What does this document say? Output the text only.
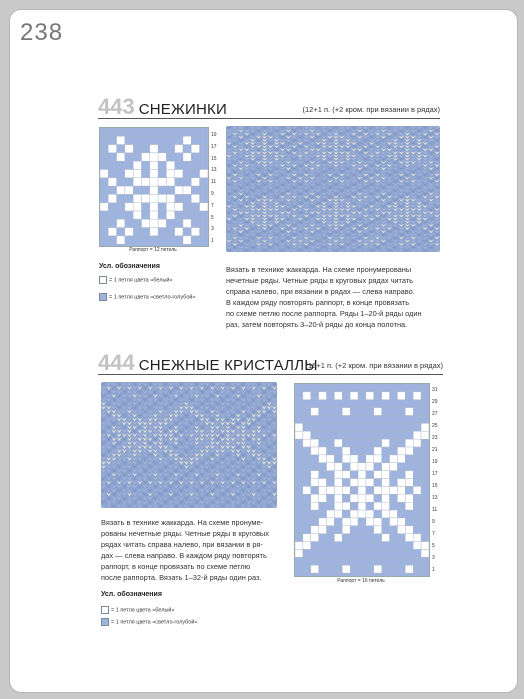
238
443 СНЕЖИНКИ	(12+1 п. (+2 кром. при вязании в рядах)
19
17
15
13
11
9
7
5
3
1
Раппорт = 12 петель
Усл. обозначения
= 1 петля цвета «белый»
= 1 петля цвета «светло-голубой»
Вязать в технике жаккарда. На схеме пронумерованы
нечетные ряды. Четные ряды в круговых рядах читать
справа налево, при вязании в рядах — слева направо.
В каждом ряду повторять раппорт, в конце провязать
по схеме петлю после раппорта. Ряды 1–20-й ряды один
раз, затем повторять 3–20-й ряды до конца полотна.
444 СНЕЖНЫЕ КРИСТАЛЛЫ
(16+1 п. (+2 кром. при вязании в рядах)
31
29
27
25
23
21
19
17
15
13
11
9
7
5
3
1
Раппорт = 16 петель
Вязать в технике жаккарда. На схеме пронуме-
рованы нечетные ряды. Четные ряды в круговых
рядах читать справа налево, при вязании в ря-
дах — слева направо. В каждом ряду повторять
раппорт, в конце провязать по схеме петлю
после раппорта. Вязать 1–32-й ряды один раз.
Усл. обозначения
= 1 петля цвета «белый»
= 1 петля цвета «светло-голубой»
